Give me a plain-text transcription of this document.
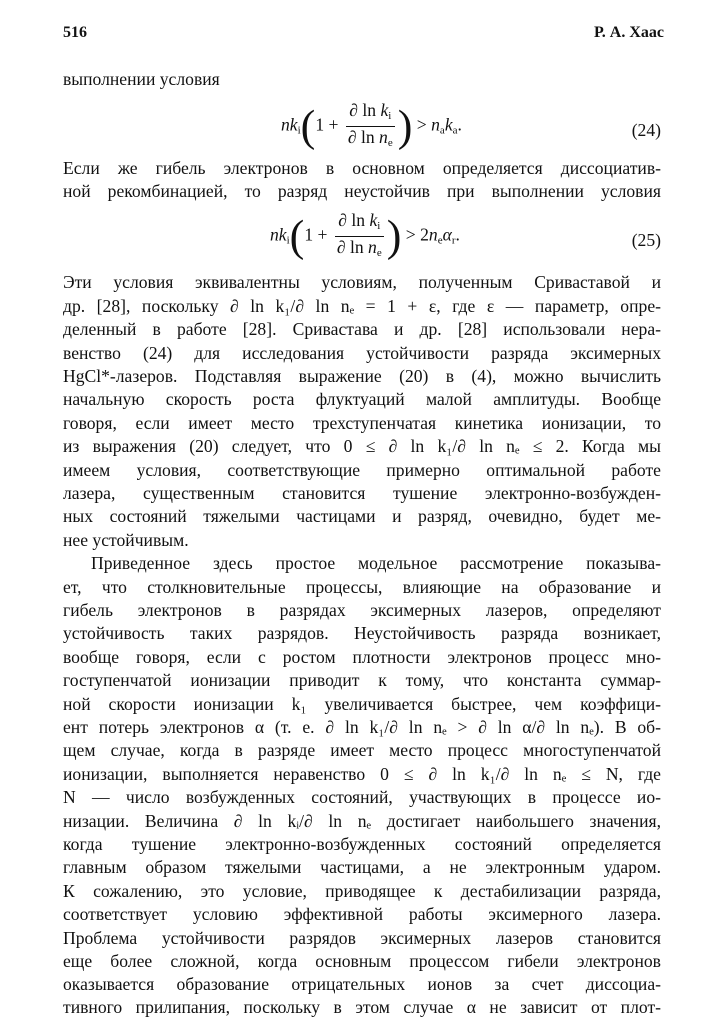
516	Р. А. Хаас
выполнении условия
$nk_i(1 + \frac{\partial \ln k_i}{\partial \ln n_e}$ ) > $n_ak_a$.	(24)
Если же гибель электронов в основном определяется диссоциатив-
ной рекомбинацией, то разряд неустойчив при выполнении условия
$nk_i(1 + \frac{\partial \ln k_i}{\partial \ln n_e}$ ) > $2n_e\alpha_r$.	(25)
Эти условия эквивалентны условиям, полученным Сриваставой и
др. [28], поскольку ∂ ln k₁/∂ ln nₑ = 1 + ε, где ε — параметр, опре-
деленный в работе [28]. Сривастава и др. [28] использовали нера-
венство (24) для исследования устойчивости разряда эксимерных
HgCl*-лазеров. Подставляя выражение (20) в (4), можно вычислить
начальную скорость роста флуктуаций малой амплитуды. Вообще
говоря, если имеет место трехступенчатая кинетика ионизации, то
из выражения (20) следует, что 0 ≤ ∂ ln k₁/∂ ln nₑ ≤ 2. Когда мы
имеем условия, соответствующие примерно оптимальной работе
лазера, существенным становится тушение электронно-возбужден-
ных состояний тяжелыми частицами и разряд, очевидно, будет ме-
нее устойчивым.
Приведенное здесь простое модельное рассмотрение показыва-
ет, что столкновительные процессы, влияющие на образование и
гибель электронов в разрядах эксимерных лазеров, определяют
устойчивость таких разрядов. Неустойчивость разряда возникает,
вообще говоря, если с ростом плотности электронов процесс мно-
гоступенчатой ионизации приводит к тому, что константа суммар-
ной скорости ионизации k₁ увеличивается быстрее, чем коэффици-
ент потерь электронов α (т. е. ∂ ln k₁/∂ ln nₑ > ∂ ln α/∂ ln nₑ). В об-
щем случае, когда в разряде имеет место процесс многоступенчатой
ионизации, выполняется неравенство 0 ≤ ∂ ln k₁/∂ ln nₑ ≤ N, где
N — число возбужденных состояний, участвующих в процессе ио-
низации. Величина ∂ ln kᵢ/∂ ln nₑ достигает наибольшего значения,
когда тушение электронно-возбужденных состояний определяется
главным образом тяжелыми частицами, а не электронным ударом.
К сожалению, это условие, приводящее к дестабилизации разряда,
соответствует условию эффективной работы эксимерного лазера.
Проблема устойчивости разрядов эксимерных лазеров становится
еще более сложной, когда основным процессом гибели электронов
оказывается образование отрицательных ионов за счет диссоциа-
тивного прилипания, поскольку в этом случае α не зависит от плот-
